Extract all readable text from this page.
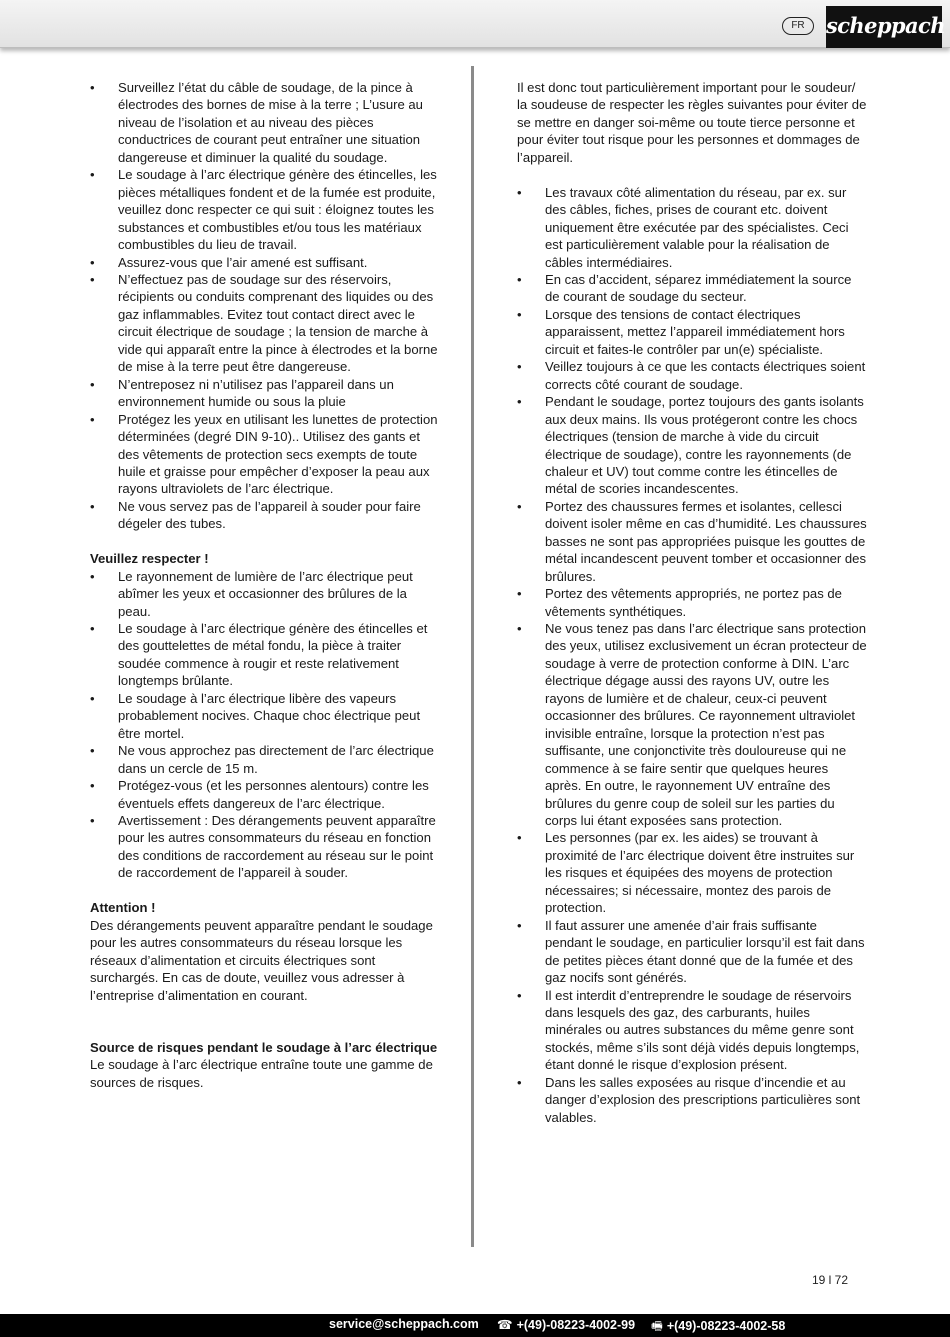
FR	scheppach
• Surveillez l’état du câble de soudage, de la pince à électrodes des bornes de mise à la terre ; L’usure au niveau de l’isolation et au niveau des pièces conductrices de courant peut entraîner une situation dangereuse et diminuer la qualité du soudage.
• Le soudage à l’arc électrique génère des étincelles, les pièces métalliques fondent et de la fumée est produite, veuillez donc respecter ce qui suit : éloignez toutes les substances et combustibles et/ou tous les matériaux combustibles du lieu de travail.
• Assurez-vous que l’air amené est suffisant.
• N’effectuez pas de soudage sur des réservoirs, récipients ou conduits comprenant des liquides ou des gaz inflammables. Evitez tout contact direct avec le circuit électrique de soudage ; la tension de marche à vide qui apparaît entre la pince à électrodes et la borne de mise à la terre peut être dangereuse.
• N’entreposez ni n’utilisez pas l’appareil dans un environnement humide ou sous la pluie
• Protégez les yeux en utilisant les lunettes de protection déterminées (degré DIN 9-10).. Utilisez des gants et des vêtements de protection secs exempts de toute huile et graisse pour empêcher d’exposer la peau aux rayons ultraviolets de l’arc électrique.
• Ne vous servez pas de l’appareil à souder pour faire dégeler des tubes.

Veuillez respecter !

• Le rayonnement de lumière de l’arc électrique peut abîmer les yeux et occasionner des brûlures de la peau.
• Le soudage à l’arc électrique génère des étincelles et des gouttelettes de métal fondu, la pièce à traiter soudée commence à rougir et reste relativement longtemps brûlante.
• Le soudage à l’arc électrique libère des vapeurs probablement nocives. Chaque choc électrique peut être mortel.
• Ne vous approchez pas directement de l’arc électrique dans un cercle de 15 m.
• Protégez-vous (et les personnes alentours) contre les éventuels effets dangereux de l’arc électrique.
• Avertissement : Des dérangements peuvent apparaître pour les autres consommateurs du réseau en fonction des conditions de raccordement au réseau sur le point de raccordement de l’appareil à souder.

Attention !

Des dérangements peuvent apparaître pendant le soudage pour les autres consommateurs du réseau lorsque les réseaux d’alimentation et circuits électriques sont surchargés. En cas de doute, veuillez vous adresser à l’entreprise d’alimentation en courant.

Source de risques pendant le soudage à l’arc électrique

Le soudage à l’arc électrique entraîne toute une gamme de sources de risques.

Il est donc tout particulièrement important pour le soudeur/ la soudeuse de respecter les règles suivantes pour éviter de se mettre en danger soi-même ou toute tierce personne et pour éviter tout risque pour les personnes et dommages de l’appareil.

• Les travaux côté alimentation du réseau, par ex. sur des câbles, fiches, prises de courant etc. doivent uniquement être exécutée par des spécialistes. Ceci est particulièrement valable pour la réalisation de câbles intermédiaires.
• En cas d’accident, séparez immédiatement la source de courant de soudage du secteur.
• Lorsque des tensions de contact électriques apparaissent, mettez l’appareil immédiatement hors circuit et faites-le contrôler par un(e) spécialiste.
• Veillez toujours à ce que les contacts électriques soient corrects côté courant de soudage.
• Pendant le soudage, portez toujours des gants isolants aux deux mains. Ils vous protégeront contre les chocs électriques (tension de marche à vide du circuit électrique de soudage), contre les rayonnements (de chaleur et UV) tout comme contre les étincelles de métal de scories incandescentes.
• Portez des chaussures fermes et isolantes, cellesci doivent isoler même en cas d’humidité. Les chaussures basses ne sont pas appropriées puisque les gouttes de métal incandescent peuvent tomber et occasionner des brûlures.
• Portez des vêtements appropriés, ne portez pas de vêtements synthétiques.
• Ne vous tenez pas dans l’arc électrique sans protection des yeux, utilisez exclusivement un écran protecteur de soudage à verre de protection conforme à DIN. L’arc électrique dégage aussi des rayons UV, outre les rayons de lumière et de chaleur, ceux-ci peuvent occasionner des brûlures. Ce rayonnement ultraviolet invisible entraîne, lorsque la protection n’est pas suffisante, une conjonctivite très douloureuse qui ne commence à se faire sentir que quelques heures après. En outre, le rayonnement UV entraîne des brûlures du genre coup de soleil sur les parties du corps lui étant exposées sans protection.
• Les personnes (par ex. les aides) se trouvant à proximité de l’arc électrique doivent être instruites sur les risques et équipées des moyens de protection nécessaires; si nécessaire, montez des parois de protection.
• Il faut assurer une amenée d’air frais suffisante pendant le soudage, en particulier lorsqu’il est fait dans de petites pièces étant donné que de la fumée et des gaz nocifs sont générés.
• Il est interdit d’entreprendre le soudage de réservoirs dans lesquels des gaz, des carburants, huiles minérales ou autres substances du même genre sont stockés, même s’ils sont déjà vidés depuis longtemps, étant donné le risque d’explosion présent.
• Dans les salles exposées au risque d’incendie et au danger d’explosion des prescriptions particulières sont valables.
19 l 72
service@scheppach.com ☎ +(49)-08223-4002-99 🖷 +(49)-08223-4002-58
